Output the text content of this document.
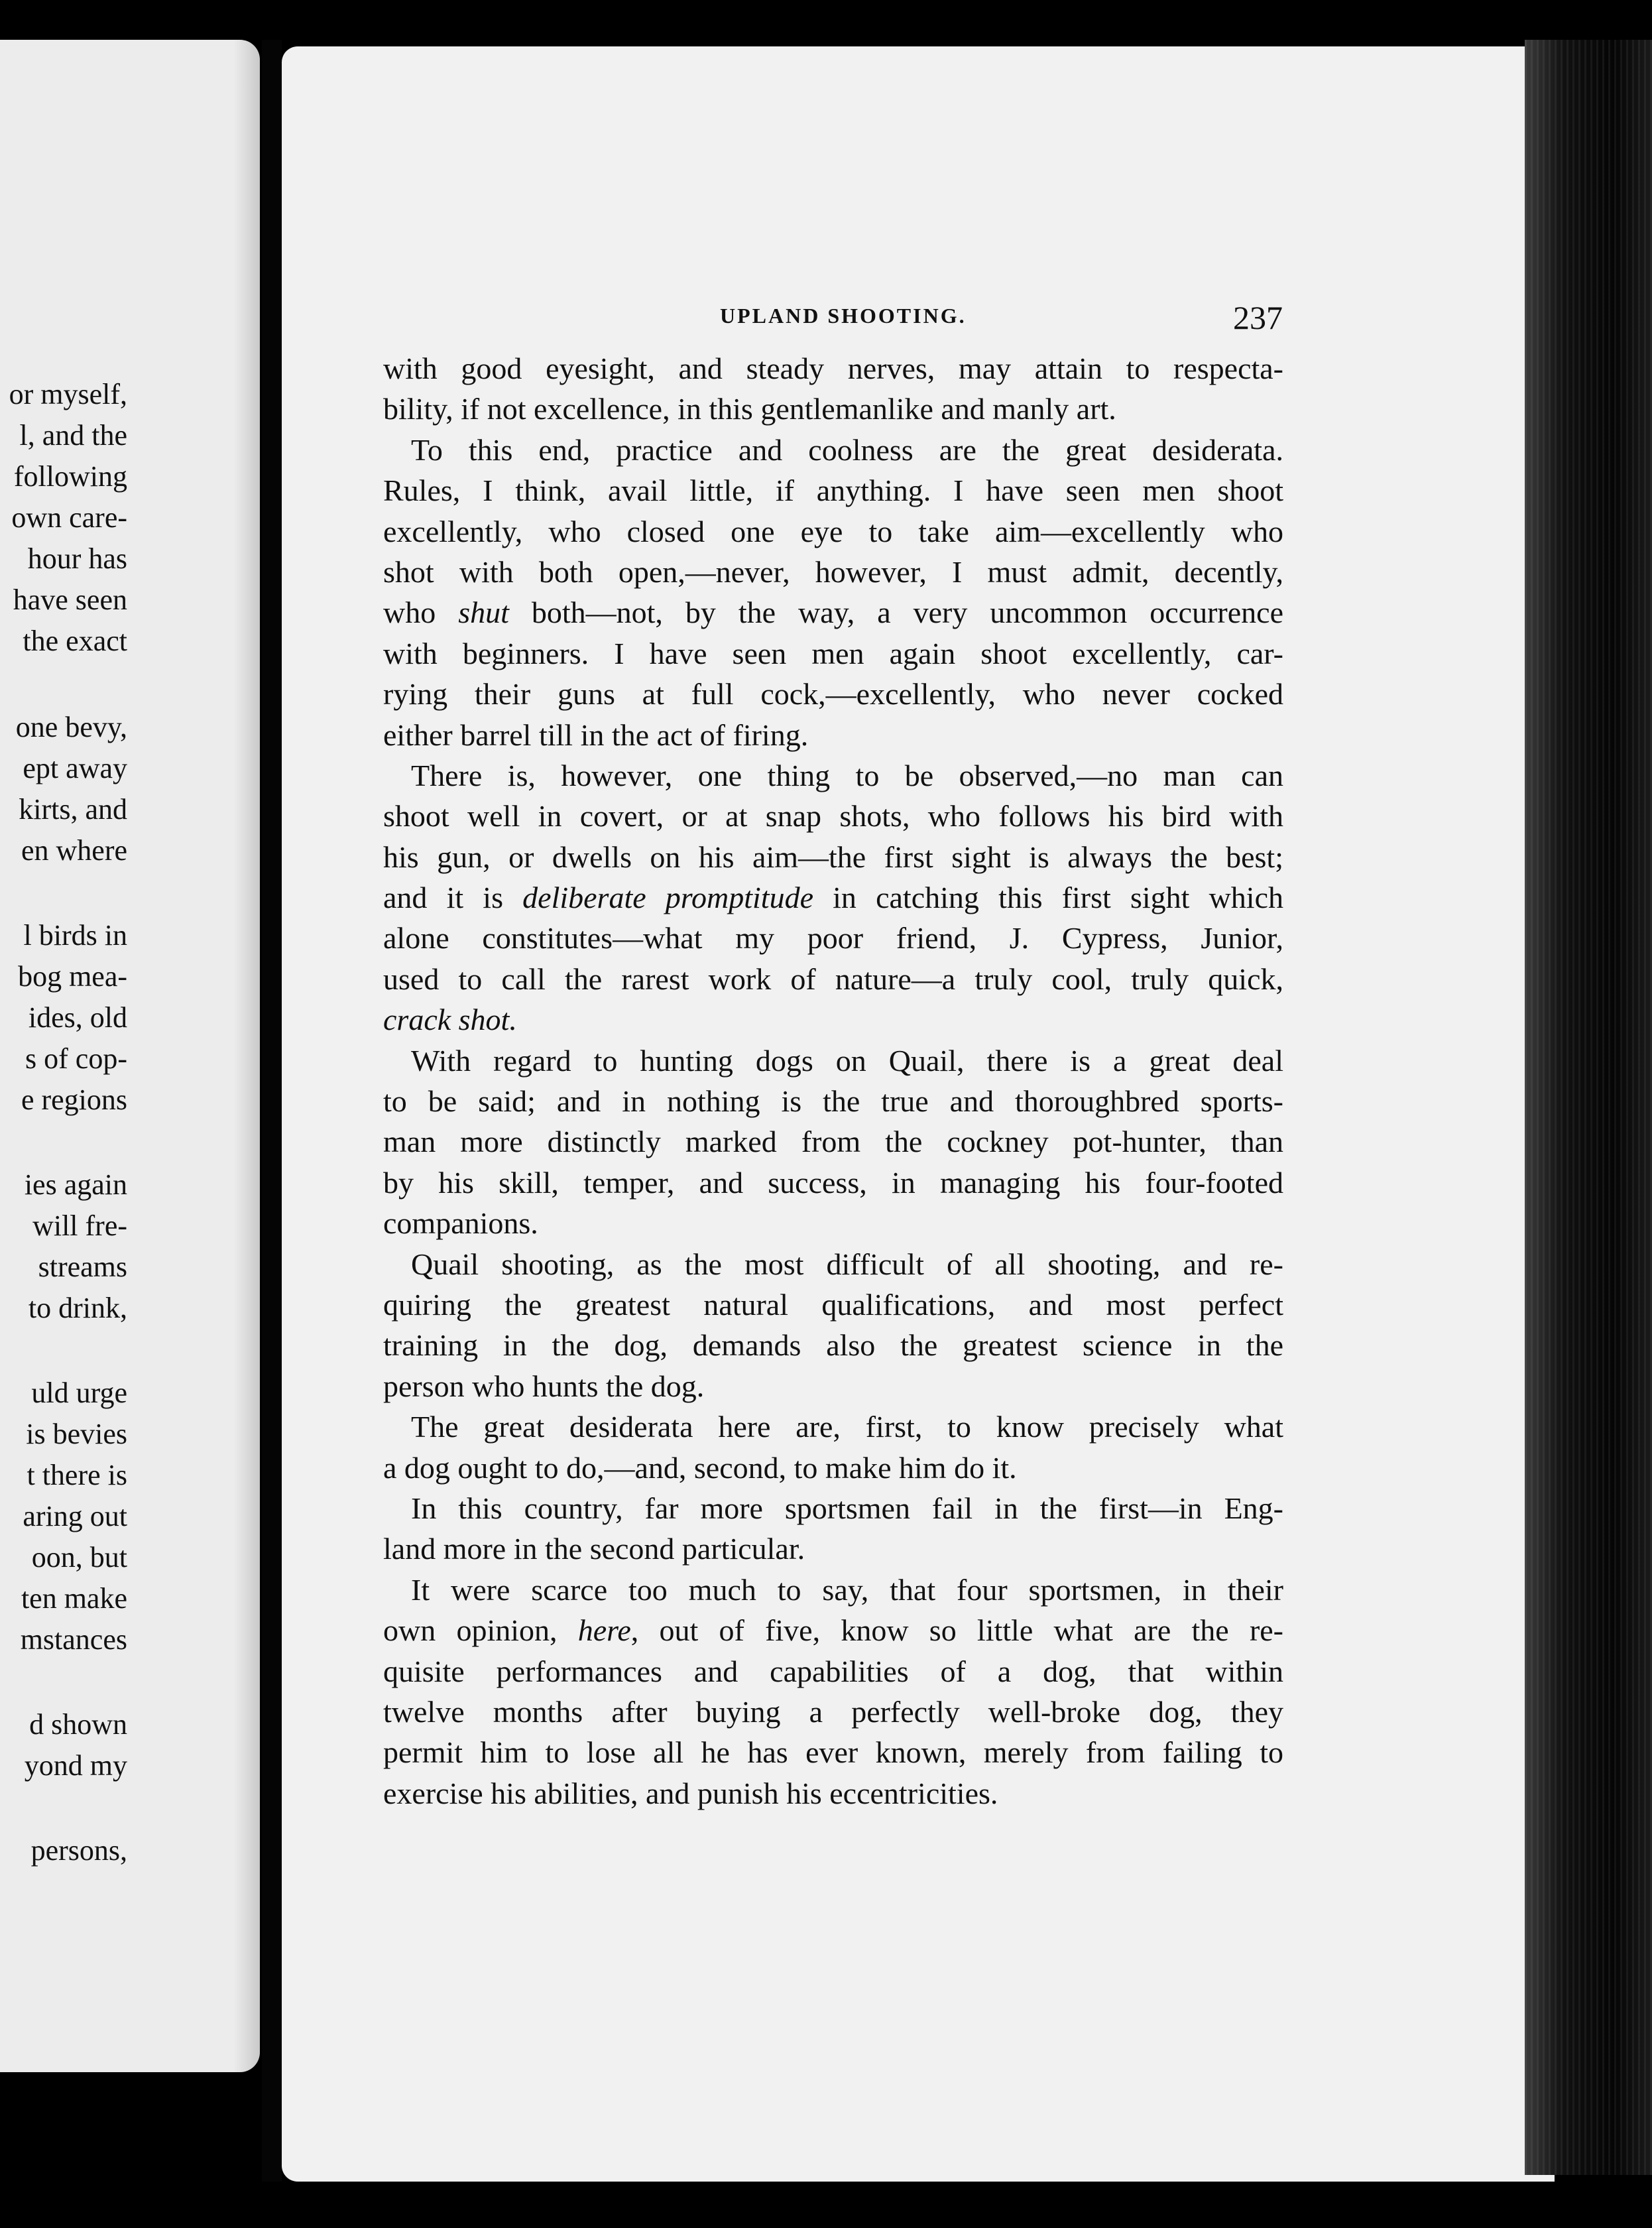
or myself,
l, and the
following
own care-
hour has
have seen
the exact
one bevy,
ept away
kirts, and
en where
l birds in
bog mea-
ides, old
s of cop-
e regions
ies again
will fre-
streams
to drink,
uld urge
is bevies
t there is
aring out
oon, but
ten make
mstances
d shown
yond my
persons,
UPLAND SHOOTING.	237
with good eyesight, and steady nerves, may attain to respecta-
bility, if not excellence, in this gentlemanlike and manly art.
To this end, practice and coolness are the great desiderata.
Rules, I think, avail little, if anything. I have seen men shoot
excellently, who closed one eye to take aim—excellently who
shot with both open,—never, however, I must admit, decently,
who shut both—not, by the way, a very uncommon occurrence
with beginners. I have seen men again shoot excellently, car-
rying their guns at full cock,—excellently, who never cocked
either barrel till in the act of firing.
There is, however, one thing to be observed,—no man can
shoot well in covert, or at snap shots, who follows his bird with
his gun, or dwells on his aim—the first sight is always the best;
and it is deliberate promptitude in catching this first sight which
alone constitutes—what my poor friend, J. Cypress, Junior,
used to call the rarest work of nature—a truly cool, truly quick,
crack shot.
With regard to hunting dogs on Quail, there is a great deal
to be said; and in nothing is the true and thoroughbred sports-
man more distinctly marked from the cockney pot-hunter, than
by his skill, temper, and success, in managing his four-footed
companions.
Quail shooting, as the most difficult of all shooting, and re-
quiring the greatest natural qualifications, and most perfect
training in the dog, demands also the greatest science in the
person who hunts the dog.
The great desiderata here are, first, to know precisely what
a dog ought to do,—and, second, to make him do it.
In this country, far more sportsmen fail in the first—in Eng-
land more in the second particular.
It were scarce too much to say, that four sportsmen, in their
own opinion, here, out of five, know so little what are the re-
quisite performances and capabilities of a dog, that within
twelve months after buying a perfectly well-broke dog, they
permit him to lose all he has ever known, merely from failing to
exercise his abilities, and punish his eccentricities.
